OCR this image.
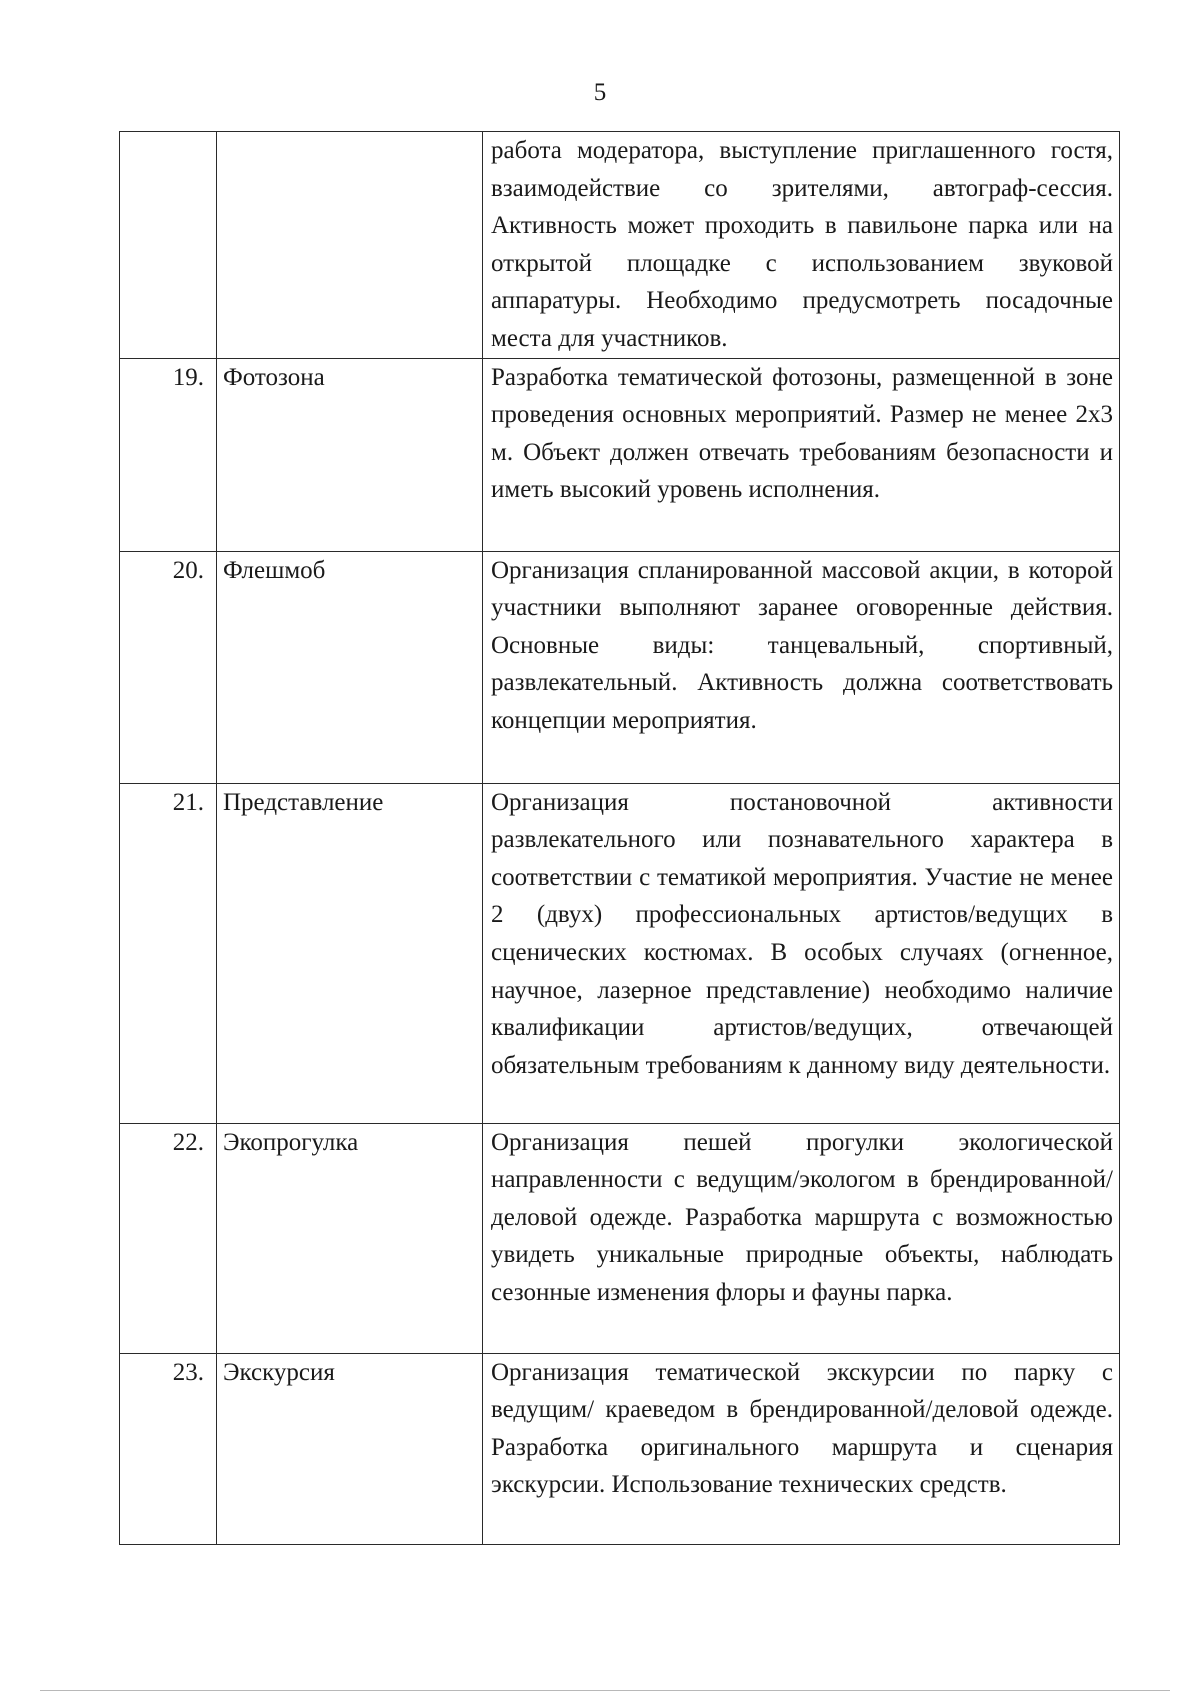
5
		работа модератора, выступление приглашенного гостя, взаимодействие со зрителями, автограф-сессия. Активность может проходить в павильоне парка или на открытой площадке с использованием звуковой аппаратуры. Необходимо предусмотреть посадочные места для участников.
19.	Фотозона	Разработка тематической фотозоны, размещенной в зоне проведения основных мероприятий. Размер не менее 2х3 м. Объект должен отвечать требованиям безопасности и иметь высокий уровень исполнения.
20.	Флешмоб	Организация спланированной массовой акции, в которой участники выполняют заранее оговоренные действия. Основные виды: танцевальный, спортивный, развлекательный. Активность должна соответствовать концепции мероприятия.
21.	Представление	Организация постановочной активности развлекательного или познавательного характера в соответствии с тематикой мероприятия. Участие не менее 2 (двух) профессиональных артистов/ведущих в сценических костюмах. В особых случаях (огненное, научное, лазерное представление) необходимо наличие квалификации артистов/ведущих, отвечающей обязательным требованиям к данному виду деятельности.
22.	Экопрогулка	Организация пешей прогулки экологической направленности с ведущим/экологом в брендированной/деловой одежде. Разработка маршрута с возможностью увидеть уникальные природные объекты, наблюдать сезонные изменения флоры и фауны парка.
23.	Экскурсия	Организация тематической экскурсии по парку с ведущим/ краеведом в брендированной/деловой одежде. Разработка оригинального маршрута и сценария экскурсии. Использование технических средств.
